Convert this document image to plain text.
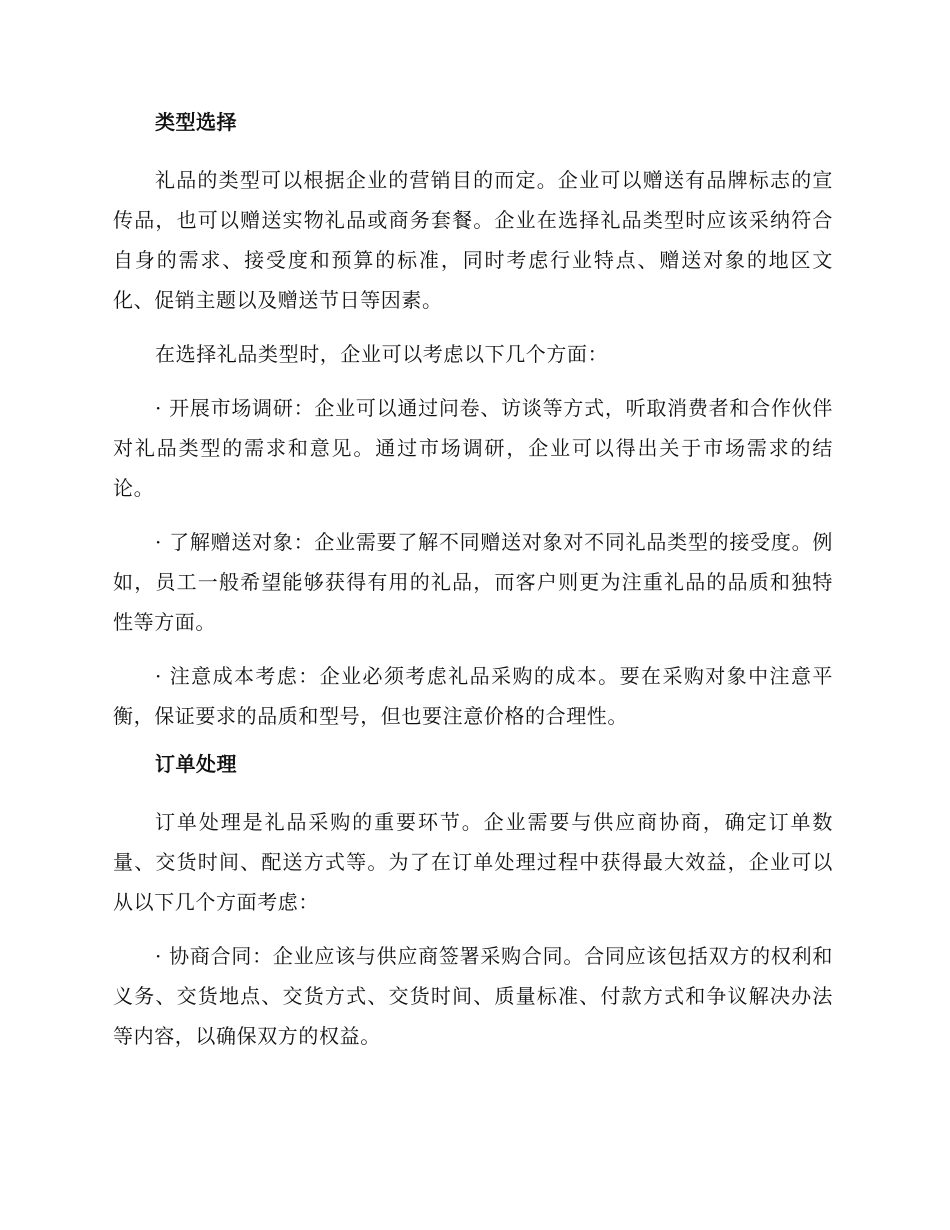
类型选择

礼品的类型可以根据企业的营销目的而定。企业可以赠送有品牌标志的宣传品，也可以赠送实物礼品或商务套餐。企业在选择礼品类型时应该采纳符合自身的需求、接受度和预算的标准，同时考虑行业特点、赠送对象的地区文化、促销主题以及赠送节日等因素。

在选择礼品类型时，企业可以考虑以下几个方面：

· 开展市场调研：企业可以通过问卷、访谈等方式，听取消费者和合作伙伴对礼品类型的需求和意见。通过市场调研，企业可以得出关于市场需求的结论。

· 了解赠送对象：企业需要了解不同赠送对象对不同礼品类型的接受度。例如，员工一般希望能够获得有用的礼品，而客户则更为注重礼品的品质和独特性等方面。

· 注意成本考虑：企业必须考虑礼品采购的成本。要在采购对象中注意平衡，保证要求的品质和型号，但也要注意价格的合理性。

订单处理

订单处理是礼品采购的重要环节。企业需要与供应商协商，确定订单数量、交货时间、配送方式等。为了在订单处理过程中获得最大效益，企业可以从以下几个方面考虑：

· 协商合同：企业应该与供应商签署采购合同。合同应该包括双方的权利和义务、交货地点、交货方式、交货时间、质量标准、付款方式和争议解决办法等内容，以确保双方的权益。
